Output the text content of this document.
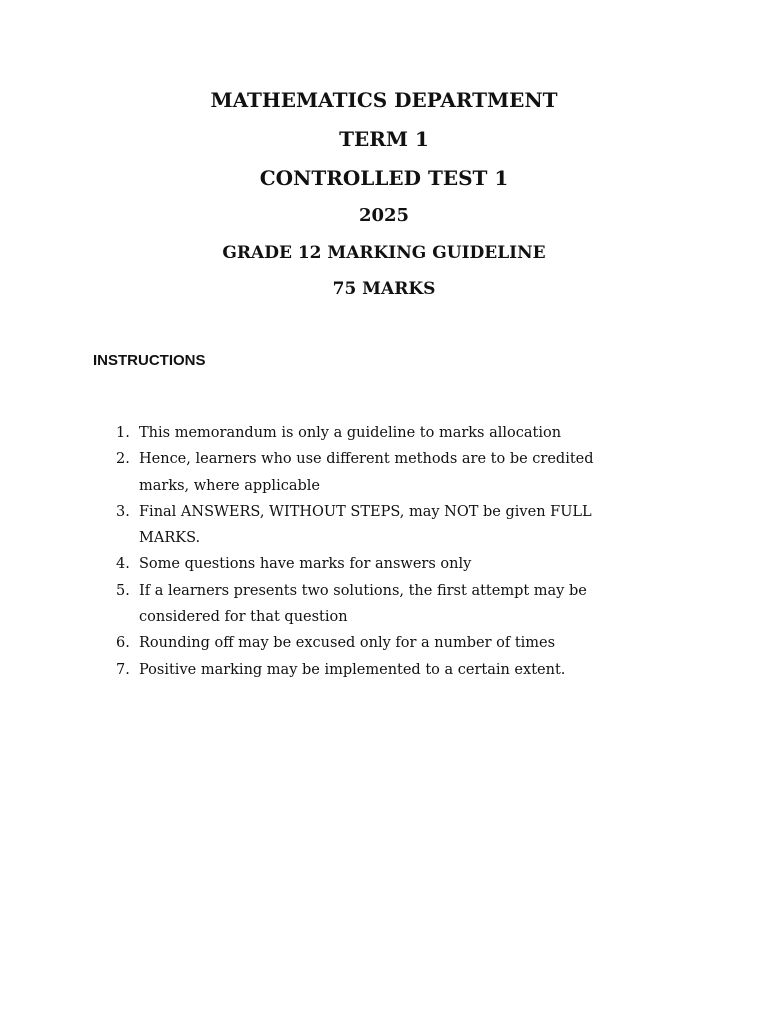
MATHEMATICS DEPARTMENT
TERM 1
CONTROLLED TEST 1
2025
GRADE 12 MARKING GUIDELINE
75 MARKS
INSTRUCTIONS
1. This memorandum is only a guideline to marks allocation
2. Hence, learners who use different methods are to be credited marks, where applicable
3. Final ANSWERS, WITHOUT STEPS, may NOT be given FULL MARKS.
4. Some questions have marks for answers only
5. If a learners presents two solutions, the first attempt may be considered for that question
6. Rounding off may be excused only for a number of times
7. Positive marking may be implemented to a certain extent.
